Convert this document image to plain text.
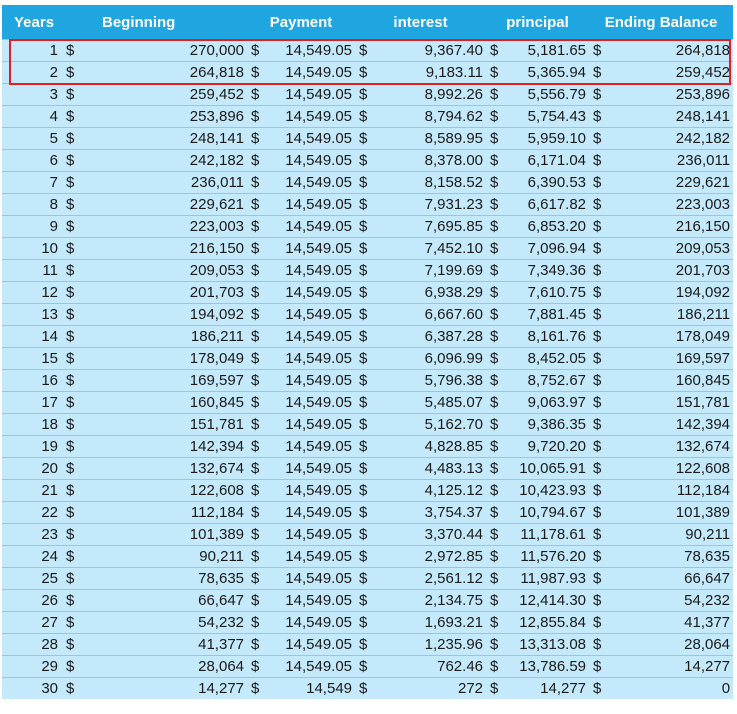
Years	Beginning		Payment		interest		principal		Ending Balance	
1	$	270,000	$	14,549.05	$	9,367.40	$	5,181.65	$	264,818
2	$	264,818	$	14,549.05	$	9,183.11	$	5,365.94	$	259,452
3	$	259,452	$	14,549.05	$	8,992.26	$	5,556.79	$	253,896
4	$	253,896	$	14,549.05	$	8,794.62	$	5,754.43	$	248,141
5	$	248,141	$	14,549.05	$	8,589.95	$	5,959.10	$	242,182
6	$	242,182	$	14,549.05	$	8,378.00	$	6,171.04	$	236,011
7	$	236,011	$	14,549.05	$	8,158.52	$	6,390.53	$	229,621
8	$	229,621	$	14,549.05	$	7,931.23	$	6,617.82	$	223,003
9	$	223,003	$	14,549.05	$	7,695.85	$	6,853.20	$	216,150
10	$	216,150	$	14,549.05	$	7,452.10	$	7,096.94	$	209,053
11	$	209,053	$	14,549.05	$	7,199.69	$	7,349.36	$	201,703
12	$	201,703	$	14,549.05	$	6,938.29	$	7,610.75	$	194,092
13	$	194,092	$	14,549.05	$	6,667.60	$	7,881.45	$	186,211
14	$	186,211	$	14,549.05	$	6,387.28	$	8,161.76	$	178,049
15	$	178,049	$	14,549.05	$	6,096.99	$	8,452.05	$	169,597
16	$	169,597	$	14,549.05	$	5,796.38	$	8,752.67	$	160,845
17	$	160,845	$	14,549.05	$	5,485.07	$	9,063.97	$	151,781
18	$	151,781	$	14,549.05	$	5,162.70	$	9,386.35	$	142,394
19	$	142,394	$	14,549.05	$	4,828.85	$	9,720.20	$	132,674
20	$	132,674	$	14,549.05	$	4,483.13	$	10,065.91	$	122,608
21	$	122,608	$	14,549.05	$	4,125.12	$	10,423.93	$	112,184
22	$	112,184	$	14,549.05	$	3,754.37	$	10,794.67	$	101,389
23	$	101,389	$	14,549.05	$	3,370.44	$	11,178.61	$	90,211
24	$	90,211	$	14,549.05	$	2,972.85	$	11,576.20	$	78,635
25	$	78,635	$	14,549.05	$	2,561.12	$	11,987.93	$	66,647
26	$	66,647	$	14,549.05	$	2,134.75	$	12,414.30	$	54,232
27	$	54,232	$	14,549.05	$	1,693.21	$	12,855.84	$	41,377
28	$	41,377	$	14,549.05	$	1,235.96	$	13,313.08	$	28,064
29	$	28,064	$	14,549.05	$	762.46	$	13,786.59	$	14,277
30	$	14,277	$	14,549	$	272	$	14,277	$	0
